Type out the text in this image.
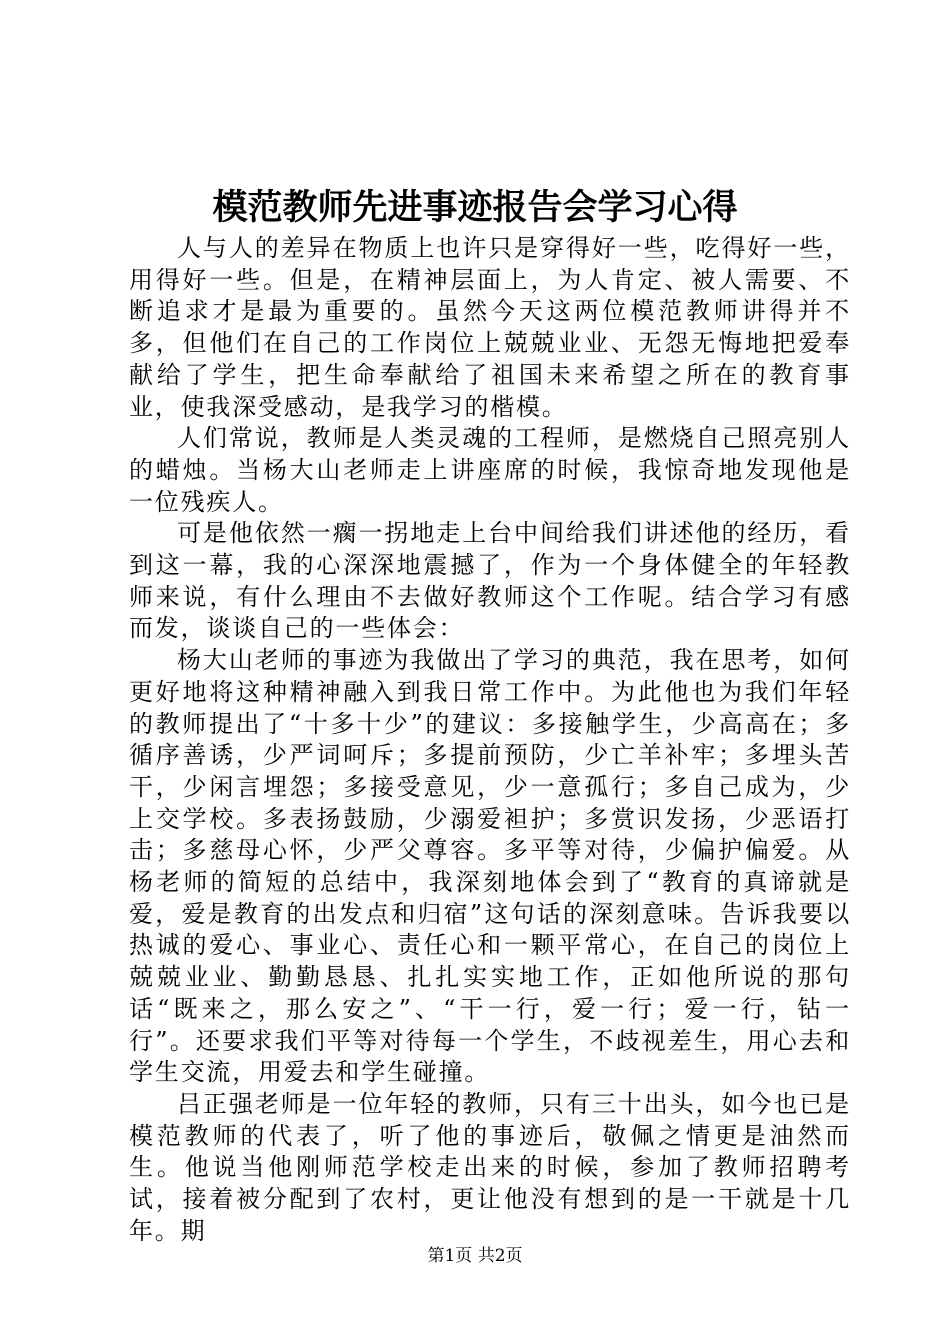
模范教师先进事迹报告会学习心得

人与人的差异在物质上也许只是穿得好一些，吃得好一些，用得好一些。但是，在精神层面上，为人肯定、被人需要、不断追求才是最为重要的。虽然今天这两位模范教师讲得并不多，但他们在自己的工作岗位上兢兢业业、无怨无悔地把爱奉献给了学生，把生命奉献给了祖国未来希望之所在的教育事业，使我深受感动，是我学习的楷模。

人们常说，教师是人类灵魂的工程师，是燃烧自己照亮别人的蜡烛。当杨大山老师走上讲座席的时候，我惊奇地发现他是一位残疾人。

可是他依然一瘸一拐地走上台中间给我们讲述他的经历，看到这一幕，我的心深深地震撼了，作为一个身体健全的年轻教师来说，有什么理由不去做好教师这个工作呢。结合学习有感而发，谈谈自己的一些体会：

杨大山老师的事迹为我做出了学习的典范，我在思考，如何更好地将这种精神融入到我日常工作中。为此他也为我们年轻的教师提出了“十多十少”的建议：多接触学生，少高高在；多循序善诱，少严词呵斥；多提前预防，少亡羊补牢；多埋头苦干，少闲言埋怨；多接受意见，少一意孤行；多自己成为，少上交学校。多表扬鼓励，少溺爱袒护；多赏识发扬，少恶语打击；多慈母心怀，少严父尊容。多平等对待，少偏护偏爱。从杨老师的简短的总结中，我深刻地体会到了“教育的真谛就是爱，爱是教育的出发点和归宿”这句话的深刻意味。告诉我要以热诚的爱心、事业心、责任心和一颗平常心，在自己的岗位上兢兢业业、勤勤恳恳、扎扎实实地工作，正如他所说的那句话“既来之，那么安之”、“干一行，爱一行；爱一行，钻一行”。还要求我们平等对待每一个学生，不歧视差生，用心去和学生交流，用爱去和学生碰撞。

吕正强老师是一位年轻的教师，只有三十出头，如今也已是模范教师的代表了，听了他的事迹后，敬佩之情更是油然而生。他说当他刚师范学校走出来的时候，参加了教师招聘考试，接着被分配到了农村，更让他没有想到的是一干就是十几年。期

第1页 共2页
